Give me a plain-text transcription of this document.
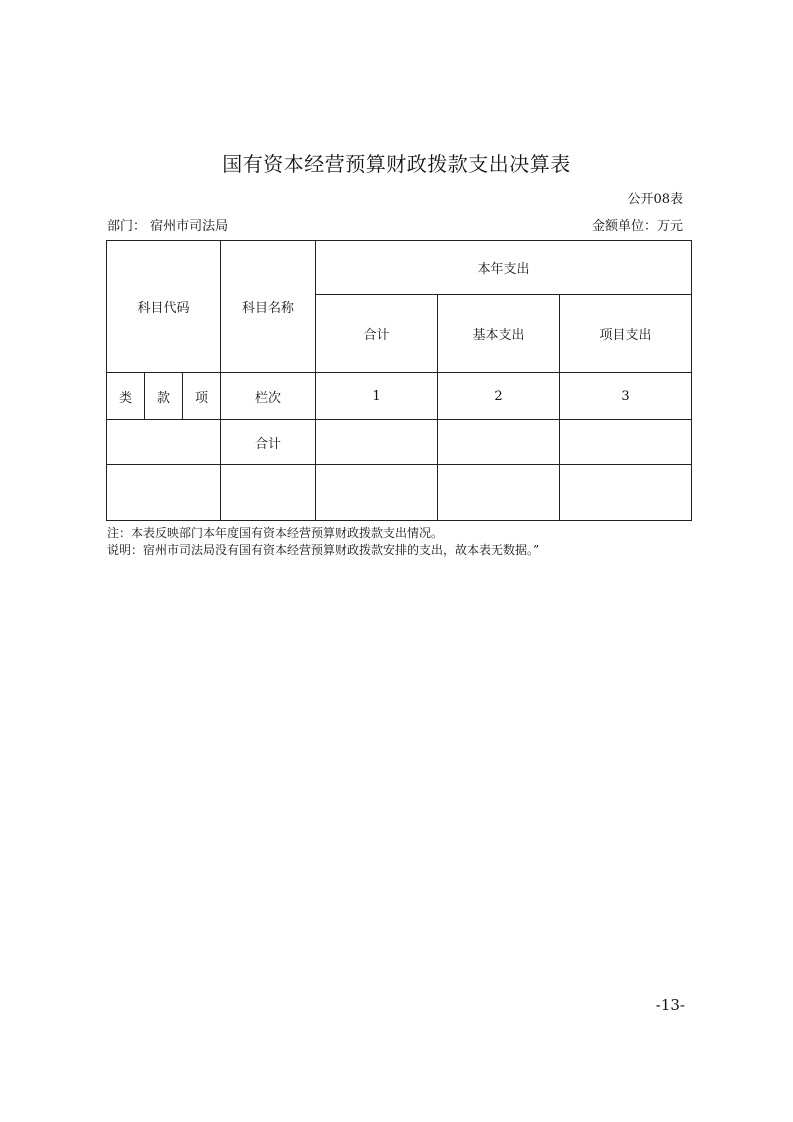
国有资本经营预算财政拨款支出决算表
公开08表
部门： 宿州市司法局	金额单位：万元
科目代码			科目名称	本年支出		
				合计	基本支出	项目支出
类	款	项	栏次	1	2	3
			合计			

注：本表反映部门本年度国有资本经营预算财政拨款支出情况。

说明：宿州市司法局没有国有资本经营预算财政拨款安排的支出，故本表无数据。”

-13-
